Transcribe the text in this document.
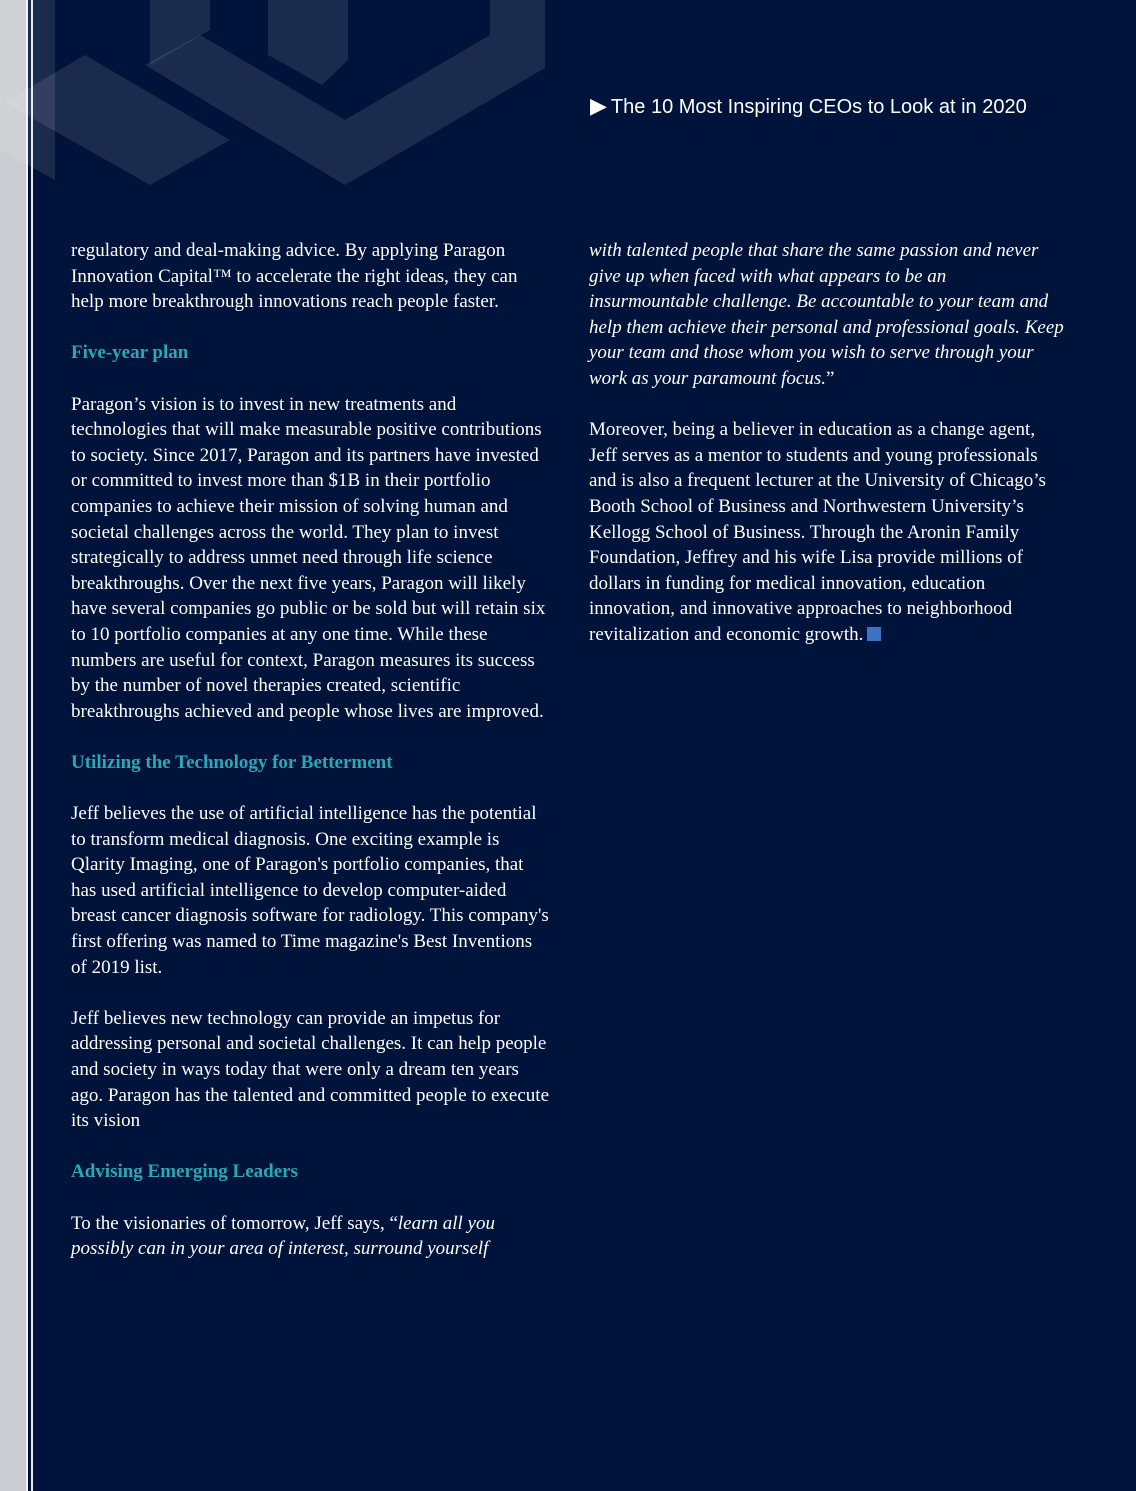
▶ The 10 Most Inspiring CEOs to Look at in 2020

regulatory and deal-making advice. By applying Paragon Innovation Capital™ to accelerate the right ideas, they can help more breakthrough innovations reach people faster.

Five-year plan

Paragon’s vision is to invest in new treatments and technologies that will make measurable positive contributions to society. Since 2017, Paragon and its partners have invested or committed to invest more than $1B in their portfolio companies to achieve their mission of solving human and societal challenges across the world. They plan to invest strategically to address unmet need through life science breakthroughs. Over the next five years, Paragon will likely have several companies go public or be sold but will retain six to 10 portfolio companies at any one time. While these numbers are useful for context, Paragon measures its success by the number of novel therapies created, scientific breakthroughs achieved and people whose lives are improved.

Utilizing the Technology for Betterment

Jeff believes the use of artificial intelligence has the potential to transform medical diagnosis. One exciting example is Qlarity Imaging, one of Paragon's portfolio companies, that has used artificial intelligence to develop computer-aided breast cancer diagnosis software for radiology. This company's first offering was named to Time magazine's Best Inventions of 2019 list.

Jeff believes new technology can provide an impetus for addressing personal and societal challenges. It can help people and society in ways today that were only a dream ten years ago. Paragon has the talented and committed people to execute its vision

Advising Emerging Leaders

To the visionaries of tomorrow, Jeff says, “learn all you possibly can in your area of interest, surround yourself

with talented people that share the same passion and never give up when faced with what appears to be an insurmountable challenge. Be accountable to your team and help them achieve their personal and professional goals. Keep your team and those whom you wish to serve through your work as your paramount focus.”

Moreover, being a believer in education as a change agent, Jeff serves as a mentor to students and young professionals and is also a frequent lecturer at the University of Chicago’s Booth School of Business and Northwestern University’s Kellogg School of Business. Through the Aronin Family Foundation, Jeffrey and his wife Lisa provide millions of dollars in funding for medical innovation, education innovation, and innovative approaches to neighborhood revitalization and economic growth.
